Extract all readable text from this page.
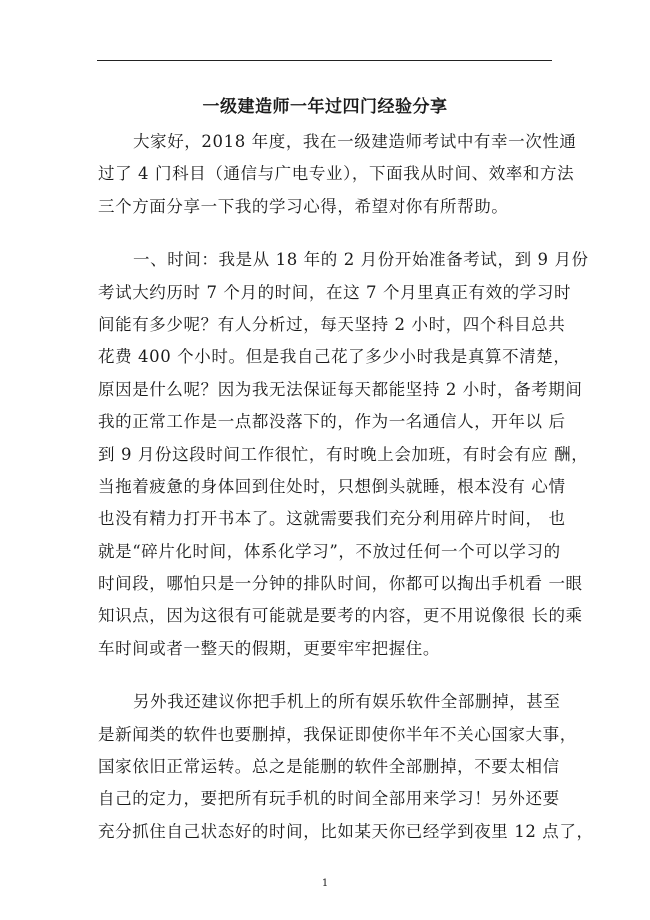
一级建造师一年过四门经验分享
大家好，2018 年度，我在一级建造师考试中有幸一次性通
过了 4 门科目（通信与广电专业），下面我从时间、效率和方法
三个方面分享一下我的学习心得，希望对你有所帮助。
一、时间：我是从 18 年的 2 月份开始准备考试，到 9 月份
考试大约历时 7 个月的时间，在这 7 个月里真正有效的学习时
间能有多少呢？有人分析过，每天坚持 2 小时，四个科目总共
花费 400 个小时。但是我自己花了多少小时我是真算不清楚，
原因是什么呢？因为我无法保证每天都能坚持 2 小时，备考期间
我的正常工作是一点都没落下的，作为一名通信人，开年以 后
到 9 月份这段时间工作很忙，有时晚上会加班，有时会有应 酬，
当拖着疲惫的身体回到住处时，只想倒头就睡，根本没有 心情
也没有精力打开书本了。这就需要我们充分利用碎片时间， 也
就是“碎片化时间，体系化学习”，不放过任何一个可以学习的
时间段，哪怕只是一分钟的排队时间，你都可以掏出手机看 一眼
知识点，因为这很有可能就是要考的内容，更不用说像很 长的乘
车时间或者一整天的假期，更要牢牢把握住。
另外我还建议你把手机上的所有娱乐软件全部删掉，甚至
是新闻类的软件也要删掉，我保证即使你半年不关心国家大事，
国家依旧正常运转。总之是能删的软件全部删掉，不要太相信
自己的定力，要把所有玩手机的时间全部用来学习！另外还要
充分抓住自己状态好的时间，比如某天你已经学到夜里 12 点了，
1
